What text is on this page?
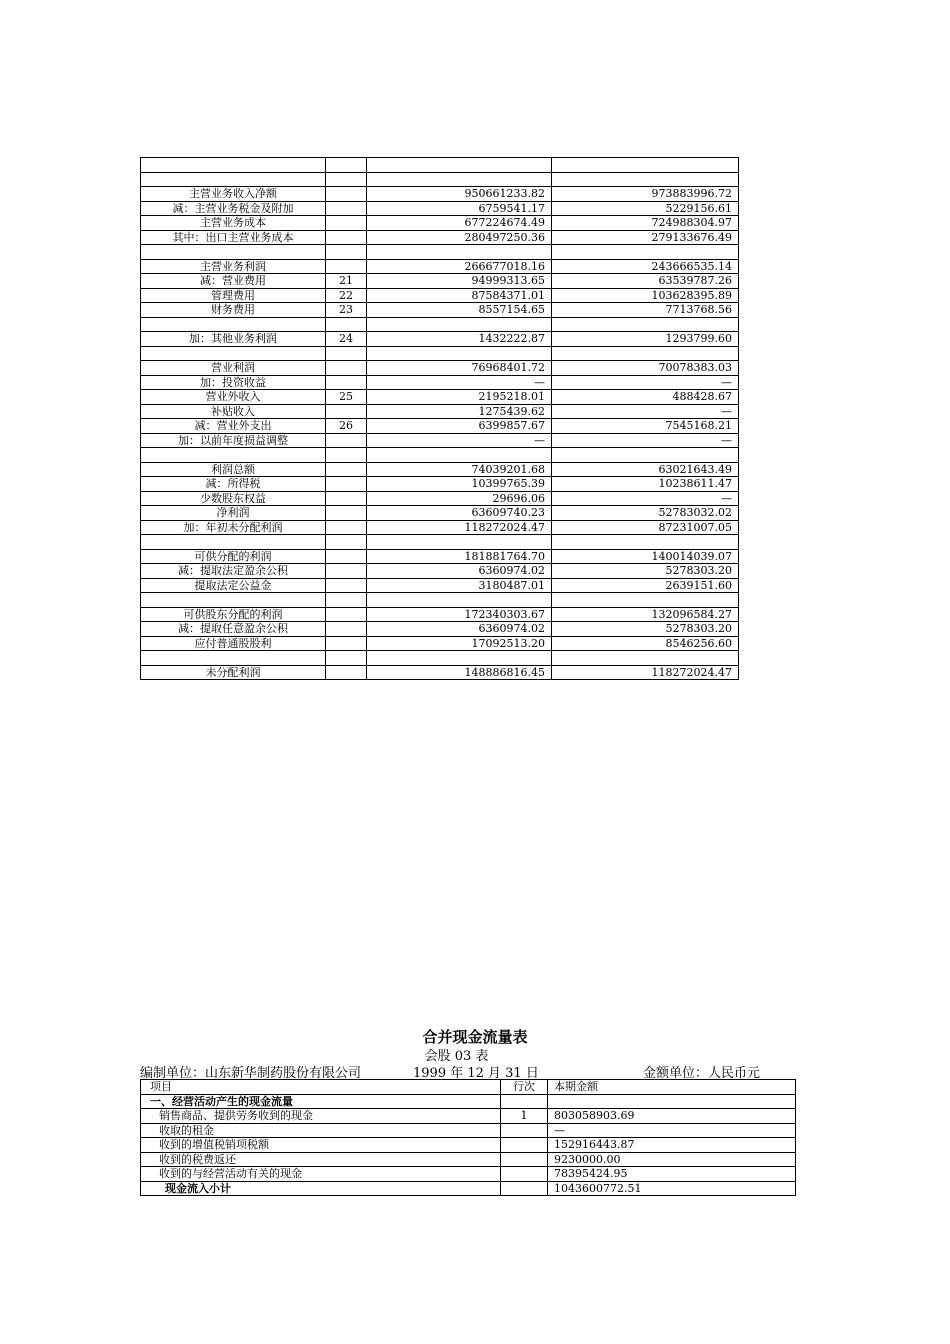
主营业务收入净额		950661233.82	973883996.72
减：主营业务税金及附加		6759541.17	5229156.61
主营业务成本		677224674.49	724988304.97
其中：出口主营业务成本		280497250.36	279133676.49

主营业务利润		266677018.16	243666535.14
减：营业费用	21	94999313.65	63539787.26
管理费用	22	87584371.01	103628395.89
财务费用	23	8557154.65	7713768.56

加：其他业务利润	24	1432222.87	1293799.60

营业利润		76968401.72	70078383.03
加：投资收益		—	—
营业外收入	25	2195218.01	488428.67
补贴收入		1275439.62	—
减：营业外支出	26	6399857.67	7545168.21
加：以前年度损益调整		—	—

利润总额		74039201.68	63021643.49
减：所得税		10399765.39	10238611.47
少数股东权益		29696.06	—
净利润		63609740.23	52783032.02
加：年初未分配利润		118272024.47	87231007.05

可供分配的利润		181881764.70	140014039.07
减：提取法定盈余公积		6360974.02	5278303.20
提取法定公益金		3180487.01	2639151.60

可供股东分配的利润		172340303.67	132096584.27
减：提取任意盈余公积		6360974.02	5278303.20
应付普通股股利		17092513.20	8546256.60

未分配利润		148886816.45	118272024.47
合并现金流量表
会股 03 表
编制单位：山东新华制药股份有限公司	1999 年 12 月 31 日	金额单位：人民币元
项目	行次	本期金额
一、经营活动产生的现金流量		
销售商品、提供劳务收到的现金	1	803058903.69
收取的租金		—
收到的增值税销项税额		152916443.87
收到的税费返还		9230000.00
收到的与经营活动有关的现金		78395424.95
现金流入小计		1043600772.51
